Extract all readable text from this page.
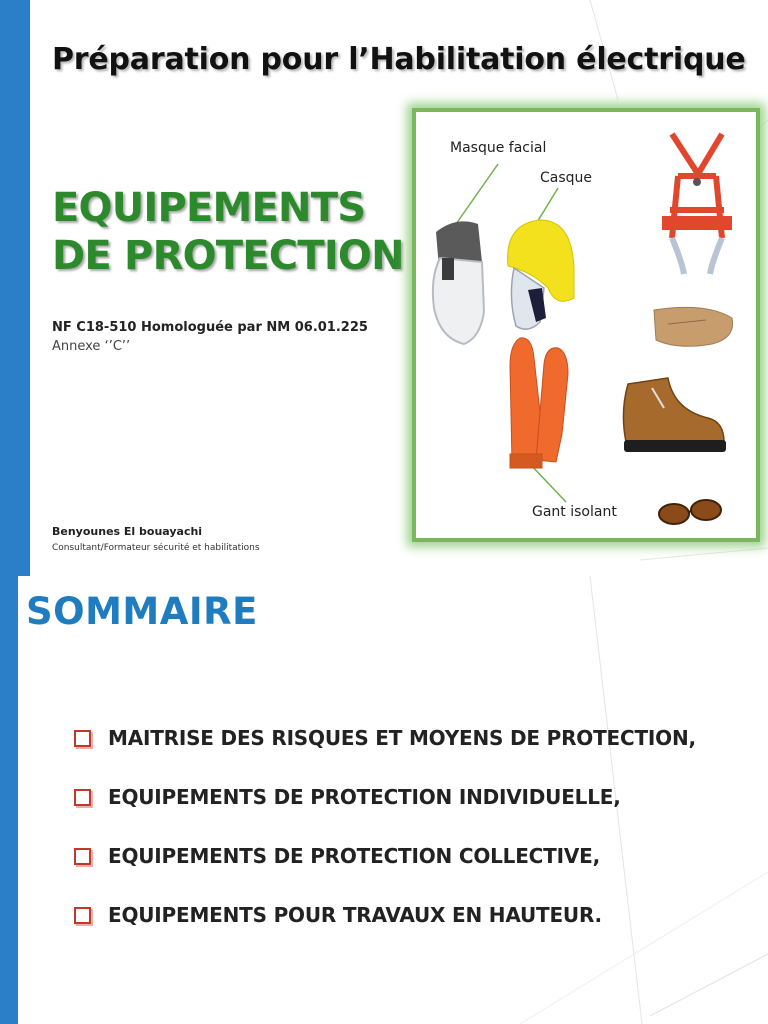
Préparation pour l’Habilitation électrique
EQUIPEMENTS
DE PROTECTION
NF C18-510 Homologuée par NM 06.01.225
Annexe ‘’C’’
Benyounes El bouayachi
Consultant/Formateur sécurité et habilitations
Masque facial
Casque
Gant isolant
SOMMAIRE
MAITRISE DES RISQUES ET MOYENS DE PROTECTION,
EQUIPEMENTS DE PROTECTION INDIVIDUELLE,
EQUIPEMENTS DE PROTECTION COLLECTIVE,
EQUIPEMENTS POUR TRAVAUX EN HAUTEUR.
